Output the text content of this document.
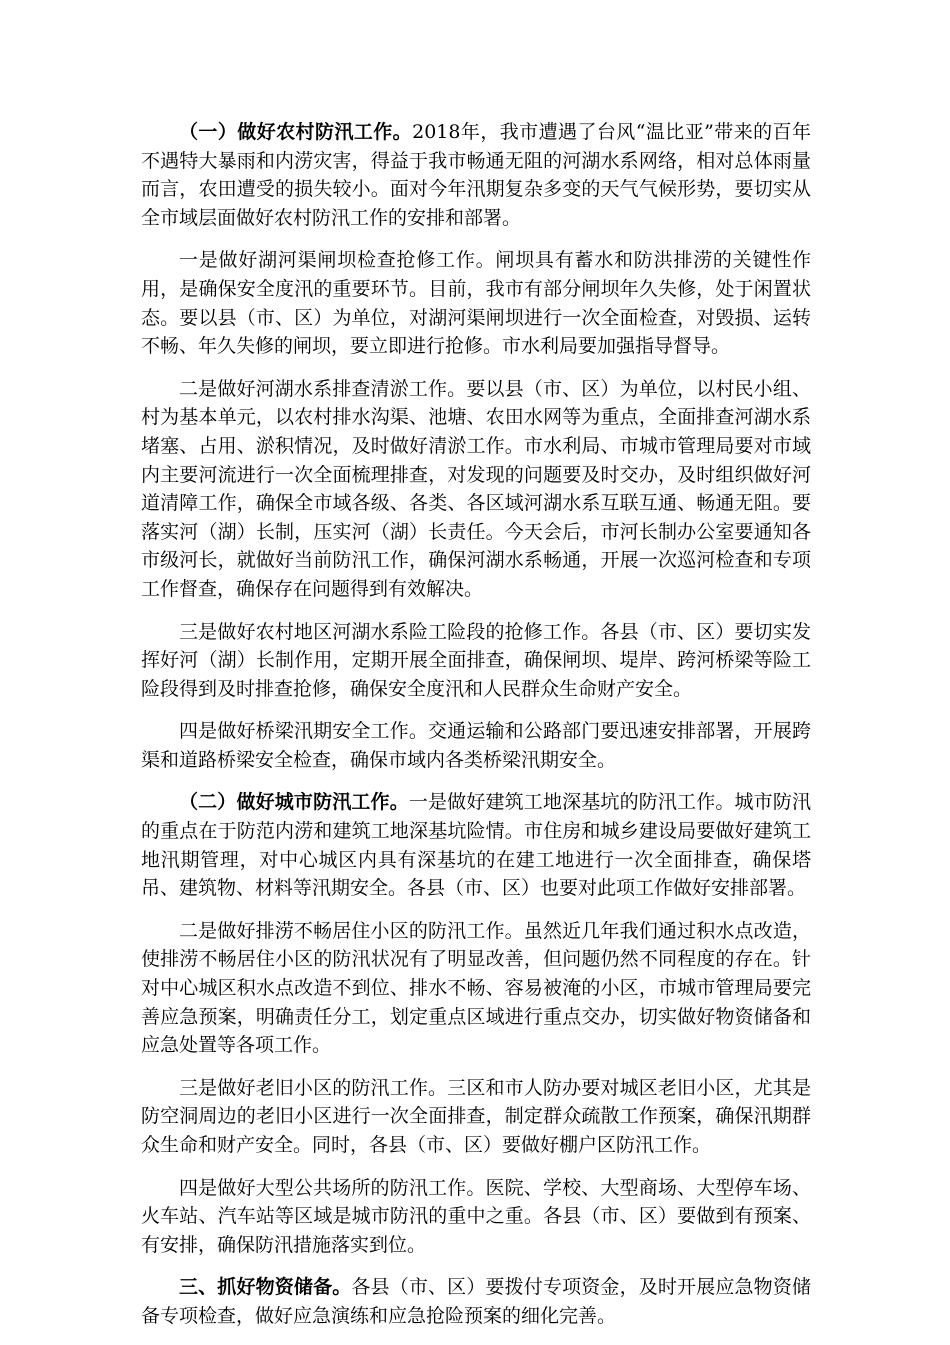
（一）做好农村防汛工作。2018年，我市遭遇了台风“温比亚”带来的百年不遇特大暴雨和内涝灾害，得益于我市畅通无阻的河湖水系网络，相对总体雨量而言，农田遭受的损失较小。面对今年汛期复杂多变的天气气候形势，要切实从全市域层面做好农村防汛工作的安排和部署。

一是做好湖河渠闸坝检查抢修工作。闸坝具有蓄水和防洪排涝的关键性作用，是确保安全度汛的重要环节。目前，我市有部分闸坝年久失修，处于闲置状态。要以县（市、区）为单位，对湖河渠闸坝进行一次全面检查，对毁损、运转不畅、年久失修的闸坝，要立即进行抢修。市水利局要加强指导督导。

二是做好河湖水系排查清淤工作。要以县（市、区）为单位，以村民小组、村为基本单元，以农村排水沟渠、池塘、农田水网等为重点，全面排查河湖水系堵塞、占用、淤积情况，及时做好清淤工作。市水利局、市城市管理局要对市域内主要河流进行一次全面梳理排查，对发现的问题要及时交办，及时组织做好河道清障工作，确保全市域各级、各类、各区域河湖水系互联互通、畅通无阻。要落实河（湖）长制，压实河（湖）长责任。今天会后，市河长制办公室要通知各市级河长，就做好当前防汛工作，确保河湖水系畅通，开展一次巡河检查和专项工作督查，确保存在问题得到有效解决。

三是做好农村地区河湖水系险工险段的抢修工作。各县（市、区）要切实发挥好河（湖）长制作用，定期开展全面排查，确保闸坝、堤岸、跨河桥梁等险工险段得到及时排查抢修，确保安全度汛和人民群众生命财产安全。

四是做好桥梁汛期安全工作。交通运输和公路部门要迅速安排部署，开展跨渠和道路桥梁安全检查，确保市域内各类桥梁汛期安全。

（二）做好城市防汛工作。一是做好建筑工地深基坑的防汛工作。城市防汛的重点在于防范内涝和建筑工地深基坑险情。市住房和城乡建设局要做好建筑工地汛期管理，对中心城区内具有深基坑的在建工地进行一次全面排查，确保塔吊、建筑物、材料等汛期安全。各县（市、区）也要对此项工作做好安排部署。

二是做好排涝不畅居住小区的防汛工作。虽然近几年我们通过积水点改造，使排涝不畅居住小区的防汛状况有了明显改善，但问题仍然不同程度的存在。针对中心城区积水点改造不到位、排水不畅、容易被淹的小区，市城市管理局要完善应急预案，明确责任分工，划定重点区域进行重点交办，切实做好物资储备和应急处置等各项工作。

三是做好老旧小区的防汛工作。三区和市人防办要对城区老旧小区，尤其是防空洞周边的老旧小区进行一次全面排查，制定群众疏散工作预案，确保汛期群众生命和财产安全。同时，各县（市、区）要做好棚户区防汛工作。

四是做好大型公共场所的防汛工作。医院、学校、大型商场、大型停车场、火车站、汽车站等区域是城市防汛的重中之重。各县（市、区）要做到有预案、有安排，确保防汛措施落实到位。

三、抓好物资储备。各县（市、区）要拨付专项资金，及时开展应急物资储备专项检查，做好应急演练和应急抢险预案的细化完善。
